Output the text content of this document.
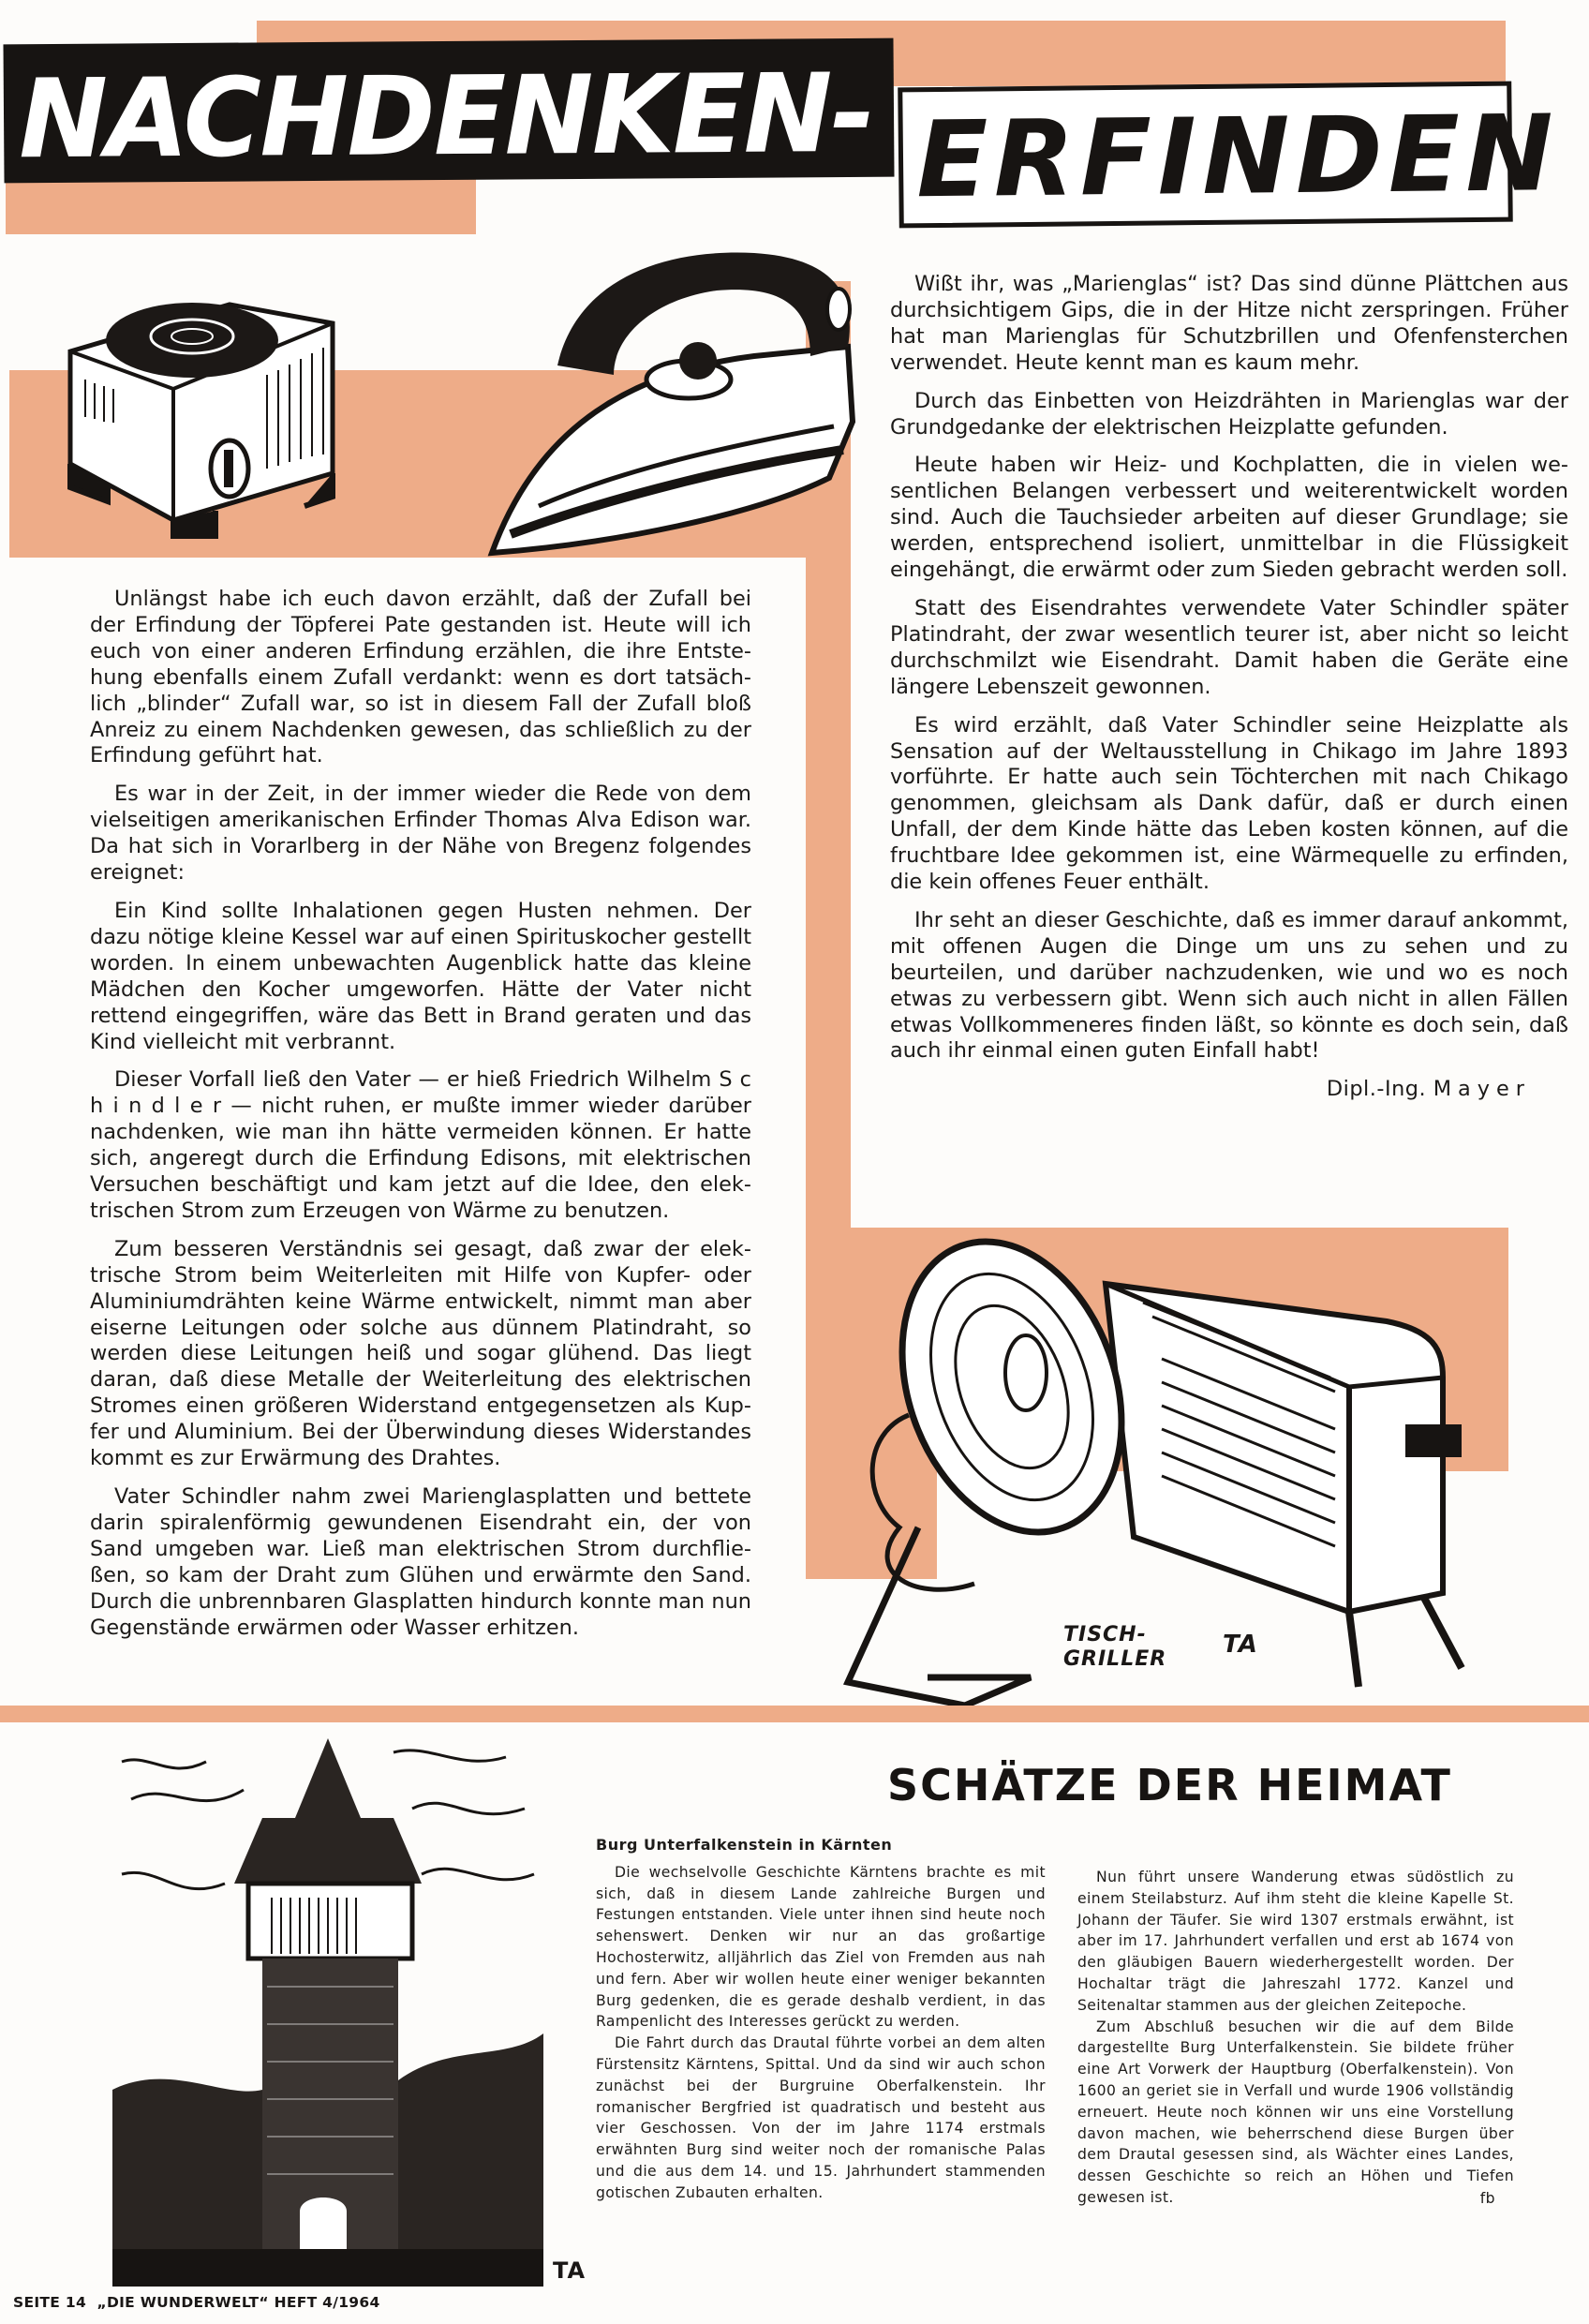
NACHDENKEN- ERFINDEN

Unlängst habe ich euch davon erzählt, daß der Zufall bei der Erfindung der Töpferei Pate gestanden ist. Heute will ich euch von einer anderen Erfindung erzählen, die ihre Entstehung ebenfalls einem Zufall verdankt: wenn es dort tatsächlich „blinder“ Zufall war, so ist in diesem Fall der Zufall bloß Anreiz zu einem Nachdenken gewesen, das schließlich zu der Erfindung geführt hat.

Es war in der Zeit, in der immer wieder die Rede von dem vielseitigen amerikanischen Erfinder Thomas Alva Edison war. Da hat sich in Vorarlberg in der Nähe von Bregenz folgendes ereignet:

Ein Kind sollte Inhalationen gegen Husten nehmen. Der dazu nötige kleine Kessel war auf einen Spirituskocher gestellt worden. In einem unbewachten Augenblick hatte das kleine Mädchen den Kocher umgeworfen. Hätte der Vater nicht rettend eingegriffen, wäre das Bett in Brand geraten und das Kind vielleicht mit verbrannt.

Dieser Vorfall ließ den Vater — er hieß Friedrich Wilhelm S c h i n d l e r — nicht ruhen, er mußte immer wieder darüber nachdenken, wie man ihn hätte vermeiden können. Er hatte sich, angeregt durch die Erfindung Edisons, mit elektrischen Versuchen beschäftigt und kam jetzt auf die Idee, den elektrischen Strom zum Erzeugen von Wärme zu benutzen.

Zum besseren Verständnis sei gesagt, daß zwar der elektrische Strom beim Weiterleiten mit Hilfe von Kupfer- oder Aluminiumdrähten keine Wärme entwickelt, nimmt man aber eiserne Leitungen oder solche aus dünnem Platindraht, so werden diese Leitungen heiß und sogar glühend. Das liegt daran, daß diese Metalle der Weiterleitung des elektrischen Stromes einen größeren Widerstand entgegensetzen als Kupfer und Aluminium. Bei der Überwindung dieses Widerstandes kommt es zur Erwärmung des Drahtes.

Vater Schindler nahm zwei Marienglasplatten und bettete darin spiralenförmig gewundenen Eisendraht ein, der von Sand umgeben war. Ließ man elektrischen Strom durchfließen, so kam der Draht zum Glühen und erwärmte den Sand. Durch die unbrennbaren Glasplatten hindurch konnte man nun Gegenstände erwärmen oder Wasser erhitzen.

Wißt ihr, was „Marienglas“ ist? Das sind dünne Plättchen aus durchsichtigem Gips, die in der Hitze nicht zerspringen. Früher hat man Marienglas für Schutzbrillen und Ofenfensterchen verwendet. Heute kennt man es kaum mehr.

Durch das Einbetten von Heizdrähten in Marienglas war der Grundgedanke der elektrischen Heizplatte gefunden.

Heute haben wir Heiz- und Kochplatten, die in vielen wesentlichen Belangen verbessert und weiterentwickelt worden sind. Auch die Tauchsieder arbeiten auf dieser Grundlage; sie werden, entsprechend isoliert, unmittelbar in die Flüssigkeit eingehängt, die erwärmt oder zum Sieden gebracht werden soll.

Statt des Eisendrahtes verwendete Vater Schindler später Platindraht, der zwar wesentlich teurer ist, aber nicht so leicht durchschmilzt wie Eisendraht. Damit haben die Geräte eine längere Lebenszeit gewonnen.

Es wird erzählt, daß Vater Schindler seine Heizplatte als Sensation auf der Weltausstellung in Chikago im Jahre 1893 vorführte. Er hatte auch sein Töchterchen mit nach Chikago genommen, gleichsam als Dank dafür, daß er durch einen Unfall, der dem Kinde hätte das Leben kosten können, auf die fruchtbare Idee gekommen ist, eine Wärmequelle zu erfinden, die kein offenes Feuer enthält.

Ihr seht an dieser Geschichte, daß es immer darauf ankommt, mit offenen Augen die Dinge um uns zu sehen und zu beurteilen, und darüber nachzudenken, wie und wo es noch etwas zu verbessern gibt. Wenn sich auch nicht in allen Fällen etwas Vollkommeneres finden läßt, so könnte es doch sein, daß auch ihr einmal einen guten Einfall habt!

Dipl.-Ing. Mayer
TISCH-
GRILLER
TA
SCHÄTZE DER HEIMAT
TA
Burg Unterfalkenstein in Kärnten

Die wechselvolle Geschichte Kärntens brachte es mit sich, daß in diesem Lande zahlreiche Burgen und Festungen entstanden. Viele unter ihnen sind heute noch sehenswert. Denken wir nur an das großartige Hochosterwitz, alljährlich das Ziel von Fremden aus nah und fern. Aber wir wollen heute einer weniger bekannten Burg gedenken, die es gerade deshalb verdient, in das Rampenlicht des Interesses gerückt zu werden.

Die Fahrt durch das Drautal führte vorbei an dem alten Fürstensitz Kärntens, Spittal. Und da sind wir auch schon zunächst bei der Burgruine Oberfalkenstein. Ihr romanischer Bergfried ist quadratisch und besteht aus vier Geschossen. Von der im Jahre 1174 erstmals erwähnten Burg sind weiter noch der romanische Palas und die aus dem 14. und 15. Jahrhundert stammenden gotischen Zubauten erhalten.

Nun führt unsere Wanderung etwas südöstlich zu einem Steilabsturz. Auf ihm steht die kleine Kapelle St. Johann der Täufer. Sie wird 1307 erstmals erwähnt, ist aber im 17. Jahrhundert verfallen und erst ab 1674 von den gläubigen Bauern wiederhergestellt worden. Der Hochaltar trägt die Jahreszahl 1772. Kanzel und Seitenaltar stammen aus der gleichen Zeitepoche.

Zum Abschluß besuchen wir die auf dem Bilde dargestellte Burg Unterfalkenstein. Sie bildete früher eine Art Vorwerk der Hauptburg (Oberfalkenstein). Von 1600 an geriet sie in Verfall und wurde 1906 vollständig erneuert. Heute noch können wir uns eine Vorstellung davon machen, wie beherrschend diese Burgen über dem Drautal gesessen sind, als Wächter eines Landes, dessen Geschichte so reich an Höhen und Tiefen gewesen ist.	fb
SEITE 14 „DIE WUNDERWELT“ HEFT 4/1964
